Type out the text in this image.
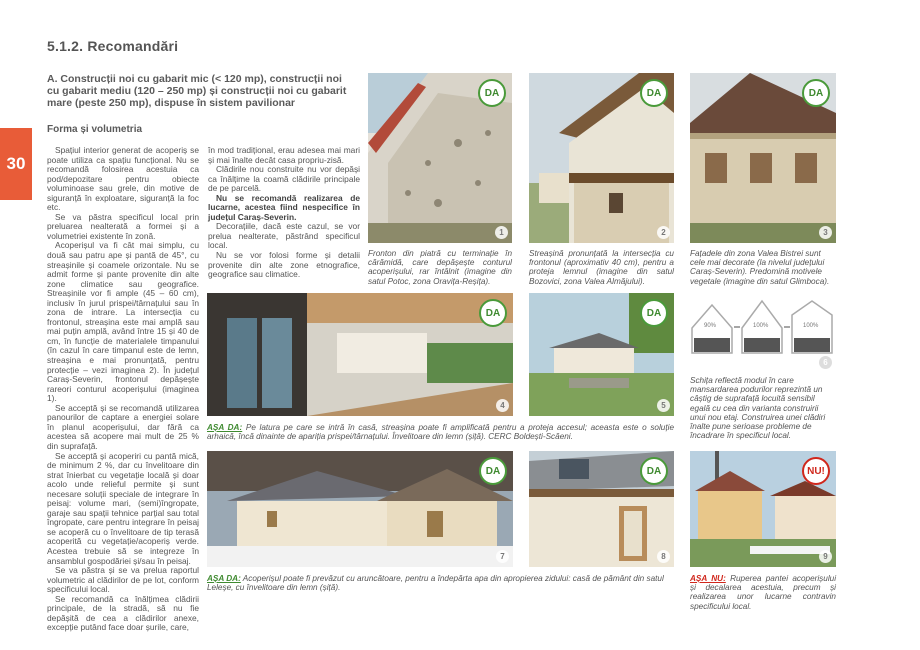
5.1.2. Recomandări
30
A. Construcții noi cu gabarit mic (< 120 mp), construcții noi cu gabarit mediu (120 – 250 mp) și construcții noi cu gabarit mare (peste 250 mp), dispuse în sistem pavilionar
Forma și volumetria

Spațiul interior generat de acoperiș se poate utiliza ca spațiu funcțional. Nu se recomandă folosirea acestuia ca pod/depozitare pentru obiecte voluminoase sau grele, din motive de siguranță în exploatare, siguranță la foc etc.

Se va păstra specificul local prin preluarea nealterată a formei și a volumetriei existente în zonă.

Acoperișul va fi cât mai simplu, cu două sau patru ape și pantă de 45°, cu streașinile și coamele orizontale. Nu se admit forme și pante provenite din alte zone climatice sau geografice. Streașinile vor fi ample (45 – 60 cm), inclusiv în jurul prispei/târnațului sau în zona de intrare. La intersecția cu frontonul, streașina este mai amplă sau mai puțin amplă, având între 15 și 40 de cm, în funcție de materialele timpanului (în cazul în care timpanul este de lemn, streașina e mai pronunțată, pentru protecție – vezi imaginea 2). În județul Caraș-Severin, frontonul depășește rareori conturul acoperișului (imaginea 1).

Se acceptă și se recomandă utilizarea panourilor de captare a energiei solare în planul acoperișului, dar fără ca acestea să acopere mai mult de 25 % din suprafață.

Se acceptă și acoperiri cu pantă mică, de minimum 2 %, dar cu învelitoare din strat înierbat cu vegetație locală și doar acolo unde relieful permite și sunt necesare soluții speciale de integrare în peisaj: volume mari, (semi)îngropate, garaje sau spații tehnice parțial sau total îngropate, care pentru integrare în peisaj se acoperă cu o învelitoare de tip terasă acoperită cu vegetație/acoperiș verde. Acestea trebuie să se integreze în ansamblul gospodăriei și/sau în peisaj.

Se va păstra și se va prelua raportul volumetric al clădirilor de pe lot, conform specificului local.

Se recomandă ca înălțimea clădirii principale, de la stradă, să nu fie depășită de cea a clădirilor anexe, excepție putând face doar șurile, care,

în mod tradițional, erau adesea mai mari și mai înalte decât casa propriu-zisă.

Clădirile nou construite nu vor depăși ca înălțime la coamă clădirile principale de pe parcelă.

Nu se recomandă realizarea de lucarne, acestea fiind nespecifice în județul Caraș-Severin.

Decorațiile, dacă este cazul, se vor prelua nealterate, păstrând specificul local.

Nu se vor folosi forme și detalii provenite din alte zone etnografice, geografice sau climatice.

DA
1
DA
2
DA
3
Fronton din piatră cu terminație în cărămidă, care depășește conturul acoperișului, rar întâlnit (imagine din satul Potoc, zona Oravița-Reșița).
Streașină pronunțată la intersecția cu frontonul (aproximativ 40 cm), pentru a proteja lemnul (imagine din satul Bozovici, zona Valea Almăjului).
Fațadele din zona Valea Bistrei sunt cele mai decorate (la nivelul județului Caraș-Severin). Predomină motivele vegetale (imagine din satul Glimboca).
DA
4
DA
5
90%	100%	100%
6
Schița reflectă modul în care mansardarea podurilor reprezintă un câștig de suprafață locuită sensibil egală cu cea din varianta construirii unui nou etaj. Construirea unei clădiri înalte pune serioase probleme de încadrare în specificul local.
AȘA DA: Pe latura pe care se intră în casă, streașina poate fi amplificată pentru a proteja accesul; aceasta este o soluție arhaică, încă dinainte de apariția prispei/târnațului. Învelitoare din lemn (șiță). CERC Boldești-Scăeni.
DA
7
DA
8
NU!
9
AȘA DA: Acoperișul poate fi prevăzut cu aruncătoare, pentru a îndepărta apa din apropierea zidului: casă de pământ din satul Leleșe, cu învelitoare din lemn (șiță).
AȘA NU: Ruperea pantei acoperișului și decalarea acestuia, precum și realizarea unor lucarne contravin specificului local.
